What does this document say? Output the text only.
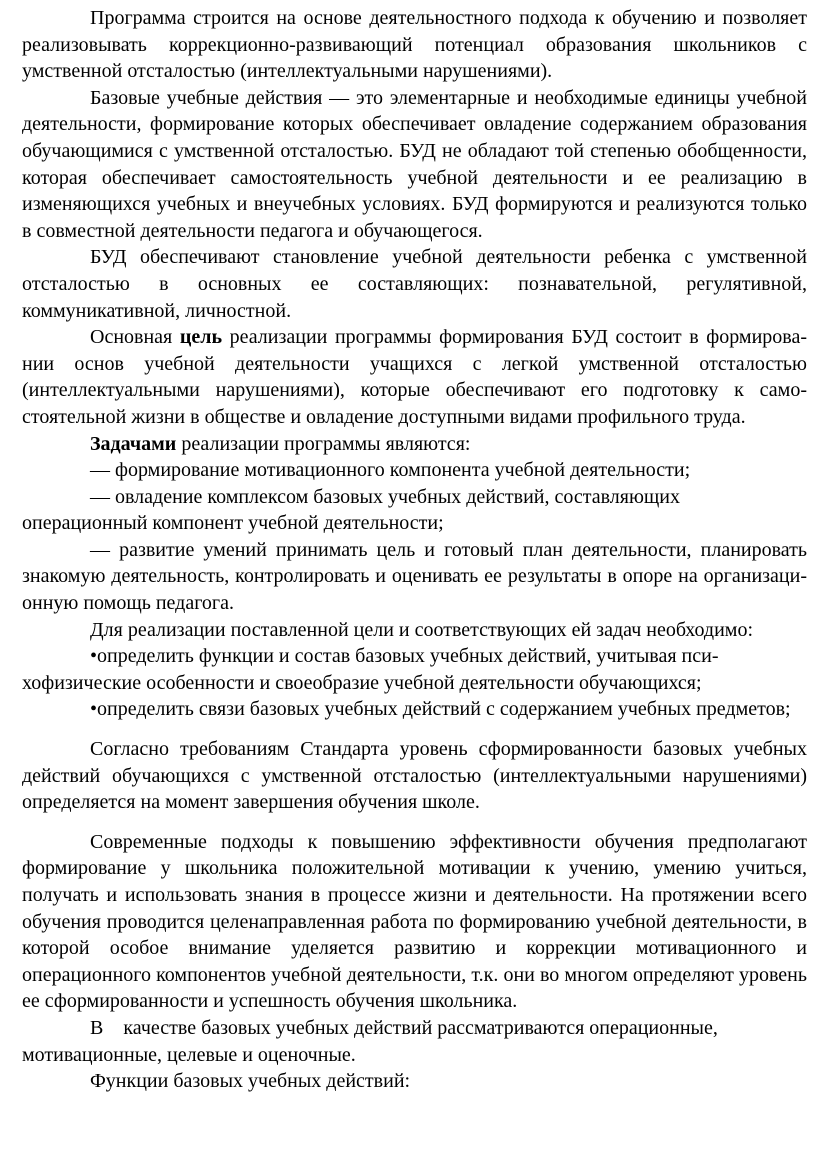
Программа строится на основе деятельностного подхода к обучению и позволяет
реализовывать коррекционно-развивающий потенциал образования школьников с
умственной отсталостью (интеллектуальными нарушениями).
Базовые учебные действия — это элементарные и необходимые единицы учебной
деятельности, формирование которых обеспечивает овладение содержанием образования
обучающимися с умственной отсталостью. БУД не обладают той степенью обобщенности,
которая обеспечивает самостоятельность учебной деятельности и ее реализацию в
изменяющихся учебных и внеучебных условиях. БУД формируются и реализуются только
в совместной деятельности педагога и обучающегося.
БУД обеспечивают становление учебной деятельности ребенка с умственной
отсталостью в основных ее составляющих: познавательной, регулятивной,
коммуникативной, личностной.
Основная цель реализации программы формирования БУД состоит в формирова-
нии основ учебной деятельности учащихся с легкой умственной отсталостью
(интеллектуальными нарушениями), которые обеспечивают его подготовку к само-
стоятельной жизни в обществе и овладение доступными видами профильного труда.
Задачами реализации программы являются:
— формирование мотивационного компонента учебной деятельности;
— овладение комплексом базовых учебных действий, составляющих
операционный компонент учебной деятельности;
— развитие умений принимать цель и готовый план деятельности, планировать
знакомую деятельность, контролировать и оценивать ее результаты в опоре на организаци-
онную помощь педагога.
Для реализации поставленной цели и соответствующих ей задач необходимо:
•определить функции и состав базовых учебных действий, учитывая пси-
хофизические особенности и своеобразие учебной деятельности обучающихся;
•определить связи базовых учебных действий с содержанием учебных предметов;
Согласно требованиям Стандарта уровень сформированности базовых учебных
действий обучающихся с умственной отсталостью (интеллектуальными нарушениями)
определяется на момент завершения обучения школе.
Современные подходы к повышению эффективности обучения предполагают
формирование у школьника положительной мотивации к учению, умению учиться,
получать и использовать знания в процессе жизни и деятельности. На протяжении всего
обучения проводится целенаправленная работа по формированию учебной деятельности, в
которой особое внимание уделяется развитию и коррекции мотивационного и
операционного компонентов учебной деятельности, т.к. они во многом определяют уровень
ее сформированности и успешность обучения школьника.
В    качестве базовых учебных действий рассматриваются операционные,
мотивационные, целевые и оценочные.
Функции базовых учебных действий:
